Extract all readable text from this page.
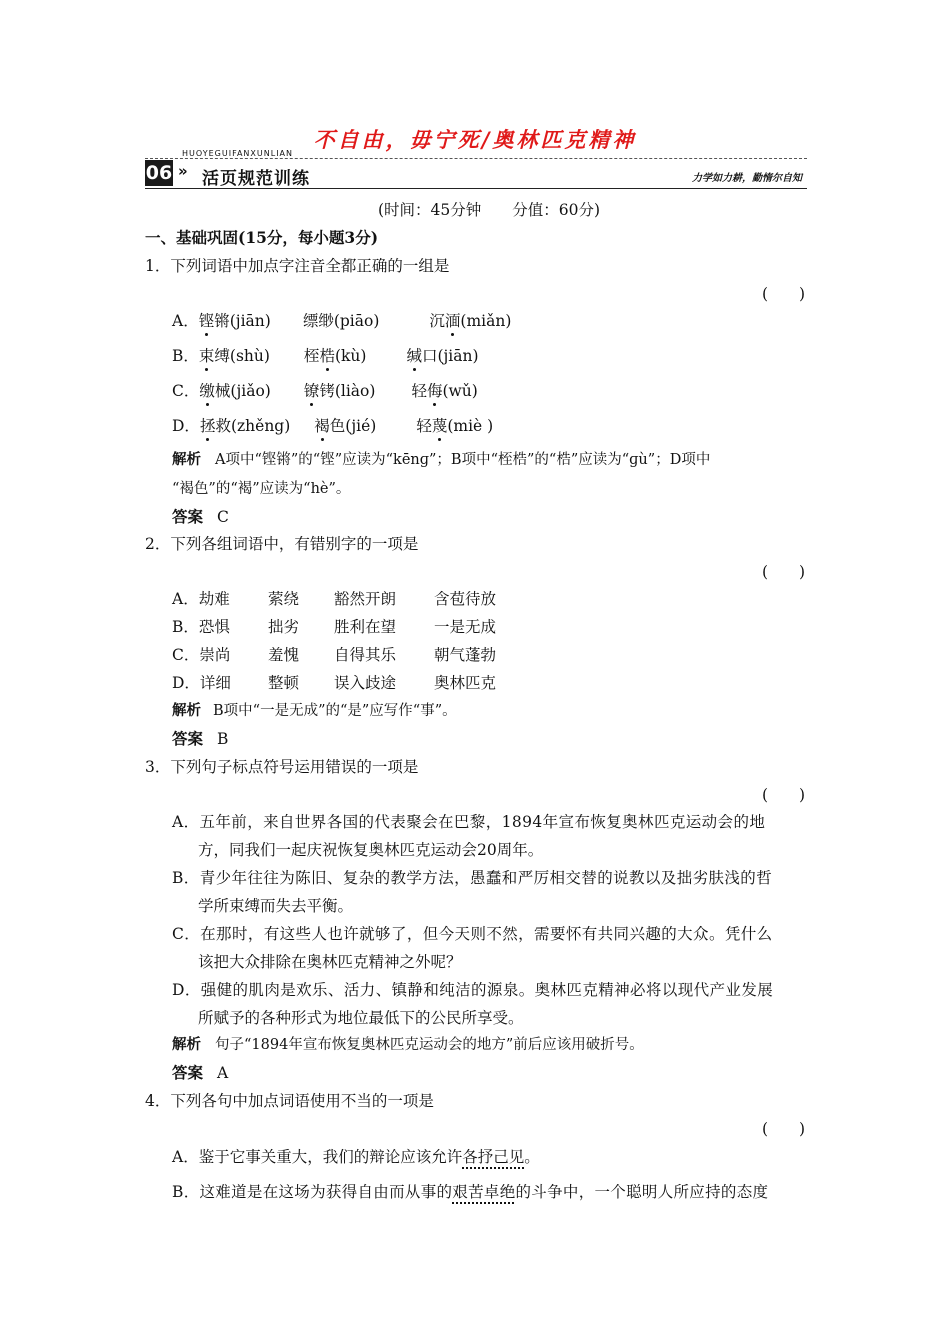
不自由，毋宁死/奥林匹克精神
06 »
HUOYEGUIFANXUNLIAN
活页规范训练	力学如力耕，勤惰尔自知
(时间：45分钟　　分值：60分)
一、基础巩固(15分，每小题3分)
1．下列词语中加点字注音全都正确的一组是
(　　)
A．铿锵(jiān) 缥缈(piāo)	沉湎(miǎn)
B．束缚(shù) 桎梏(kù)	缄口(jiān)
C．缴械(jiǎo) 镣铐(liào) 轻侮(wǔ)
D．拯救(zhěng) 褐色(jié)	轻蔑(miè )
解析 A项中“铿锵”的“铿”应读为“kēnɡ”；B项中“桎梏”的“梏”应读为“ɡù”；D项中
“褐色”的“褐”应读为“hè”。
答案 C
2．下列各组词语中，有错别字的一项是
(　　)
A．劫难 萦绕 豁然开朗 含苞待放
B．恐惧 拙劣 胜利在望 一是无成
C．崇尚 羞愧 自得其乐 朝气蓬勃
D．详细 整顿 误入歧途 奥林匹克
解析 B项中“一是无成”的“是”应写作“事”。
答案 B
3．下列句子标点符号运用错误的一项是
(　　)
A．五年前，来自世界各国的代表聚会在巴黎，1894年宣布恢复奥林匹克运动会的地
方，同我们一起庆祝恢复奥林匹克运动会20周年。
B．青少年往往为陈旧、复杂的教学方法，愚蠢和严厉相交替的说教以及拙劣肤浅的哲
学所束缚而失去平衡。
C．在那时，有这些人也许就够了，但今天则不然，需要怀有共同兴趣的大众。凭什么
该把大众排除在奥林匹克精神之外呢？
D．强健的肌肉是欢乐、活力、镇静和纯洁的源泉。奥林匹克精神必将以现代产业发展
所赋予的各种形式为地位最低下的公民所享受。
解析 句子“1894年宣布恢复奥林匹克运动会的地方”前后应该用破折号。
答案 A
4．下列各句中加点词语使用不当的一项是
(　　)
A．鉴于它事关重大，我们的辩论应该允许各抒己见。
B．这难道是在这场为获得自由而从事的艰苦卓绝的斗争中，一个聪明人所应持的态度
